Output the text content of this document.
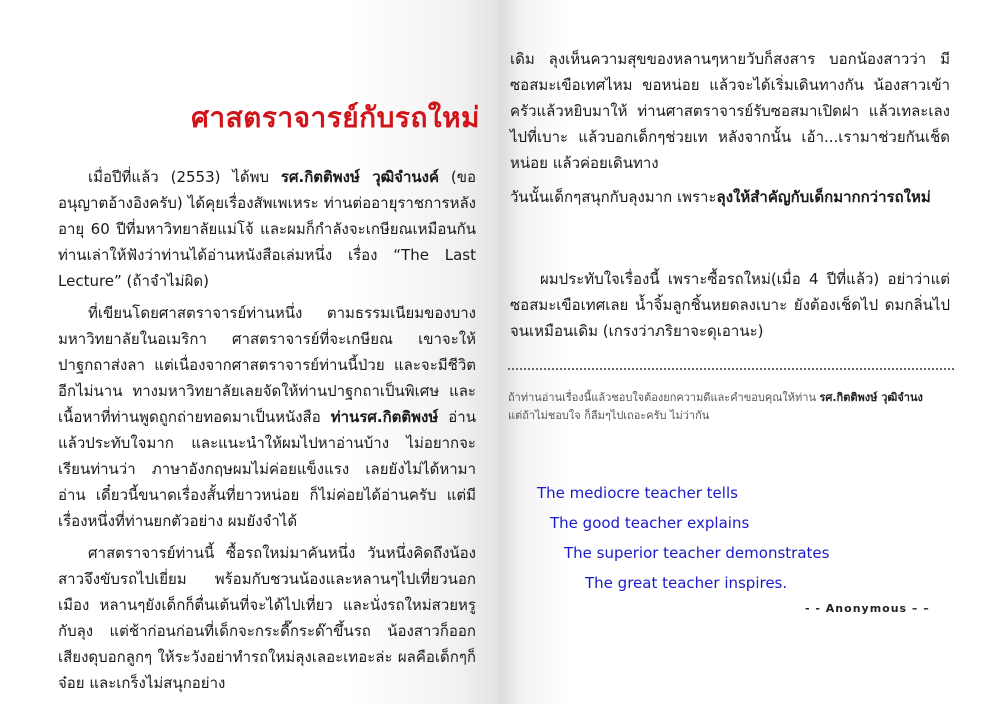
ศาสตราจารย์กับรถใหม่

เมื่อปีที่แล้ว (2553) ได้พบ รศ.กิตติพงษ์ วุฒิจำนงค์ (ขออนุญาตอ้างอิงครับ) ได้คุยเรื่องสัพเพเหระ ท่านต่ออายุราชการหลังอายุ 60 ปีที่มหาวิทยาลัยแม่โจ้ และผมก็กำลังจะเกษียณเหมือนกัน ท่านเล่าให้ฟังว่าท่านได้อ่านหนังสือเล่มหนึ่ง เรื่อง “The Last Lecture” (ถ้าจำไม่ผิด)

ที่เขียนโดยศาสตราจารย์ท่านหนึ่ง ตามธรรมเนียมของบางมหาวิทยาลัยในอเมริกา ศาสตราจารย์ที่จะเกษียณ เขาจะให้ปาฐกถาส่งลา แต่เนื่องจากศาสตราจารย์ท่านนี้ป่วย และจะมีชีวิตอีกไม่นาน ทางมหาวิทยาลัยเลยจัดให้ท่านปาฐกถาเป็นพิเศษ และเนื้อหาที่ท่านพูดถูกถ่ายทอดมาเป็นหนังสือ ท่านรศ.กิตติพงษ์ อ่านแล้วประทับใจมาก และแนะนำให้ผมไปหาอ่านบ้าง ไม่อยากจะเรียนท่านว่า ภาษาอังกฤษผมไม่ค่อยแข็งแรง เลยยังไม่ได้หามาอ่าน เดี๋ยวนี้ขนาดเรื่องสั้นที่ยาวหน่อย ก็ไม่ค่อยได้อ่านครับ แต่มีเรื่องหนึ่งที่ท่านยกตัวอย่าง ผมยังจำได้

ศาสตราจารย์ท่านนี้ ซื้อรถใหม่มาคันหนึ่ง วันหนึ่งคิดถึงน้องสาวจึงขับรถไปเยี่ยม พร้อมกับชวนน้องและหลานๆไปเที่ยวนอกเมือง หลานๆยังเด็กก็ตื่นเต้นที่จะได้ไปเที่ยว และนั่งรถใหม่สวยหรูกับลุง แต่ช้าก่อนก่อนที่เด็กจะกระดี๊กระด๊าขึ้นรถ น้องสาวก็ออกเสียงดุบอกลูกๆ ให้ระวังอย่าทำรถใหม่ลุงเลอะเทอะล่ะ ผลคือเด็กๆก็จ๋อย และเกร็งไม่สนุกอย่าง

เดิม ลุงเห็นความสุขของหลานๆหายวับก็สงสาร บอกน้องสาวว่า มีซอสมะเขือเทศไหม ขอหน่อย แล้วจะได้เริ่มเดินทางกัน น้องสาวเข้าครัวแล้วหยิบมาให้ ท่านศาสตราจารย์รับซอสมาเปิดฝา แล้วเทละเลงไปที่เบาะ แล้วบอกเด็กๆช่วยเท หลังจากนั้น เอ้า...เรามาช่วยกันเช็ดหน่อย แล้วค่อยเดินทาง

วันนั้นเด็กๆสนุกกับลุงมาก เพราะลุงให้สำคัญกับเด็กมากกว่ารถใหม่

ผมประทับใจเรื่องนี้ เพราะซื้อรถใหม่(เมื่อ 4 ปีที่แล้ว) อย่าว่าแต่ซอสมะเขือเทศเลย น้ำจิ้มลูกชิ้นหยดลงเบาะ ยังต้องเช็ดไป ดมกลิ่นไปจนเหมือนเดิม (เกรงว่าภริยาจะดุเอานะ)

ถ้าท่านอ่านเรื่องนี้แล้วชอบใจต้องยกความดีและคำขอบคุณให้ท่าน รศ.กิตติพงษ์ วุฒิจำนง
แต่ถ้าไม่ชอบใจ ก็ลืมๆไปเถอะครับ ไม่ว่ากัน

The mediocre teacher tells

The good teacher explains

The superior teacher demonstrates

The great teacher inspires.

- - Anonymous – –
